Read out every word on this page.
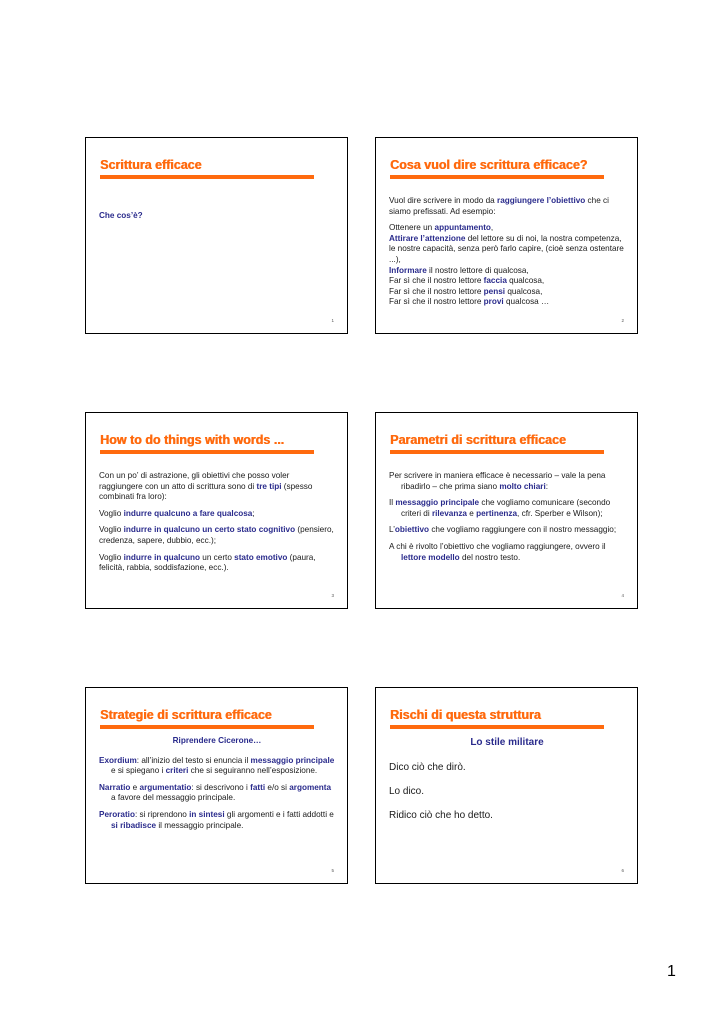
Scrittura efficace

Che cos’è?

1
Cosa vuol dire scrittura efficace?

Vuol dire scrivere in modo da raggiungere l’obiettivo che ci siamo prefissati. Ad esempio:

Ottenere un appuntamento,
Attirare l’attenzione del lettore su di noi, la nostra competenza, le nostre capacità, senza però farlo capire, (cioè senza ostentare ...),
Informare il nostro lettore di qualcosa,
Far sì che il nostro lettore faccia qualcosa,
Far sì che il nostro lettore pensi qualcosa,
Far sì che il nostro lettore provi qualcosa …
2
How to do things with words ...

Con un po’ di astrazione, gli obiettivi che posso voler raggiungere con un atto di scrittura sono di tre tipi (spesso combinati fra loro):

Voglio indurre qualcuno a fare qualcosa;

Voglio indurre in qualcuno un certo stato cognitivo (pensiero, credenza, sapere, dubbio, ecc.);

Voglio indurre in qualcuno un certo stato emotivo (paura, felicità, rabbia, soddisfazione, ecc.).

3
Parametri di scrittura efficace

Per scrivere in maniera efficace è necessario – vale la pena ribadirlo – che prima siano molto chiari:

Il messaggio principale che vogliamo comunicare (secondo criteri di rilevanza e pertinenza, cfr. Sperber e Wilson);

L’obiettivo che vogliamo raggiungere con il nostro messaggio;

A chi è rivolto l’obiettivo che vogliamo raggiungere, ovvero il lettore modello del nostro testo.

4
Strategie di scrittura efficace

Riprendere Cicerone…

Exordium: all’inizio del testo si enuncia il messaggio principale e si spiegano i criteri che si seguiranno nell’esposizione.

Narratio e argumentatio: si descrivono i fatti e/o si argomenta a favore del messaggio principale.

Peroratio: si riprendono in sintesi gli argomenti e i fatti addotti e si ribadisce il messaggio principale.

5
Rischi di questa struttura

Lo stile militare

Dico ciò che dirò.

Lo dico.

Ridico ciò che ho detto.

6
1
